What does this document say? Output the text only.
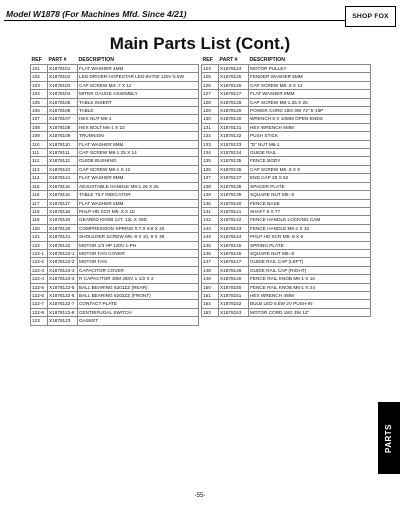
Model W1878 (For Machines Mfd. Since 4/21)	SHOP FOX
Main Parts List (Cont.)
REF	PART #	DESCRIPTION
101	X1878101	FLAT WASHER 4MM
102	X1878102	LED DRIVER HOPESTAR LED-5V700 120V 5.5W
103	X1878103	CAP SCREW M4-.7 X 12
104	X1878104	MITER GAUGE ASSEMBLY
105	X1878105	TABLE INSERT
106	X1878106	TABLE
107	X1878107	HEX NUT M6-1
108	X1878108	HEX BOLT M6-1 X 22
109	X1878109	TRUNNION
110	X1878110	FLAT WASHER 8MM
111	X1878111	CAP SCREW M8-1.25 X 14
112	X1878112	GUIDE BUSHING
113	X1878113	CAP SCREW M6-1 X 12
114	X1878114	FLAT WASHER 8MM
115	X1878115	ADJUSTABLE HANDLE M8-1.25 X 25
116	X1878116	TABLE TILT INDICATOR
117	X1878117	FLAT WASHER 5MM
118	X1878118	PHLP HD SCR M5-.8 X 10
119	X1878119	GEARED KNOB 12T, 12L X 40D
120	X1878120	COMPRESSION SPRING 0.7 X 9.8 X 25
121	X1878121	SHOULDER SCREW M5-.8 X 10, 8 X 39
122	X1878122	MOTOR 1/3 HP 120V 1-PH
122-1	X1878122-1	MOTOR FAN COVER
122-2	X1878122-2	MOTOR FAN
122-3	X1878122-3	CAPACITOR COVER
122-4	X1878122-4	R CAPACITOR 30M 250V 1-1/2 X 2
122-5	X1878122-5	BALL BEARING 6201ZZ (REAR)
122-6	X1878122-6	BALL BEARING 6202ZZ (FRONT)
122-7	X1878122-7	CONTACT PLATE
122-8	X1878122-8	CENTRIFUGAL SWITCH
123	X1878123	GASKET
REF	PART #	DESCRIPTION
124	X1878124	MOTOR PULLEY
125	X1878125	FENDER WASHER 5MM
126	X1878126	CAP SCREW M5-.8 X 12
127	X1878127	FLAT WASHER 8MM
128	X1878128	CAP SCREW M8-1.25 X 25
129	X1878129	POWER CORD 18G 3W 72" 5-15P
130	X1878130	WRENCH 8 X 10MM OPEN-ENDS
131	X1878131	HEX WRENCH 6MM
132	X1878132	PUSH STICK
133	X1878133	"D" NUT M6-1
134	X1878134	GUIDE RAIL
135	X1878135	FENCE BODY
136	X1878136	CAP SCREW M5-.8 X 8
137	X1878137	END CAP 25 X 52
138	X1878138	SPACER PLATE
139	X1878139	SQUARE NUT M5-.8
140	X1878140	FENCE BASE
141	X1878141	SHAFT 8 X 77
142	X1878142	FENCE HANDLE LOCKING CAM
143	X1878143	FENCE HANDLE M6-1 X 10
144	X1878144	PHLP HD SCR M5-.8 X 6
145	X1878145	SPRING PLATE
146	X1878146	SQUARE NUT M5-.8
147	X1878147	GUIDE RAIL CAP (LEFT)
148	X1878148	GUIDE RAIL CAP (RIGHT)
149	X1878149	FENCE RAIL KNOB M6-1 X 16
150	X1878150	FENCE RAIL KNOB M6-1 X 24
151	X1878151	HEX WRENCH 4MM
152	X1878152	BULB LED 5.5W 2V PUSH-IN
153	X1878153	MOTOR CORD 18G 3W 12"
PARTS
-55-
